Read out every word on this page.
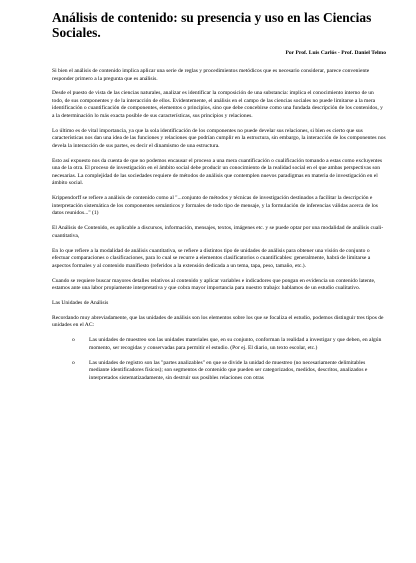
Análisis de contenido: su presencia y uso en las Ciencias Sociales.
Por Prof. Luis Carlós - Prof. Daniel Telmo

Si bien el análisis de contenido implica aplicar una serie de reglas y procedimientos metódicos que es necesario considerar, parece conveniente responder primero a la pregunta que es análisis.

Desde el puesto de vista de las ciencias naturales, analizar es identificar la composición de una substancia: implica el conocimiento interno de un todo, de sus componentes y de la interacción de ellos. Evidentemente, el análisis en el campo de las ciencias sociales no puede limitarse a la mera identificación o cuantificación de componentes, elementos o principios, sino que debe concebirse como una fundada descripción de los contenidos, y a la determinación lo más exacta posible de sus características, sus principios y relaciones.

Lo último es de vital importancia, ya que la sola identificación de los componentes no puede develar sus relaciones, si bien es cierto que sus características nos dan una idea de las funciones y relaciones que podrían cumplir en la estructura, sin embargo, la interacción de los componentes nos devela la interacción de sus partes, es decir el dinamismo de una estructura.

Esto así expuesto nos da cuenta de que no podemos encausar el proceso a una mera cuantificación o cualificación tomando a estas como excluyentes una de la otra. El proceso de investigación en el ámbito social debe producir un conocimiento de la realidad social en el que ambas perspectivas son necesarias. La complejidad de las sociedades requiere de métodos de análisis que contemplen nuevos paradigmas en materia de investigación en el ámbito social.

Krippendorff se refiere a análisis de contenido como al "...conjunto de métodos y técnicas de investigación destinados a facilitar la descripción e interpretación sistemática de los componentes semánticos y formales de todo tipo de mensaje, y la formulación de inferencias válidas acerca de los datos reunidos..." (1)

El Análisis de Contenido, es aplicable a discursos, información, mensajes, textos, imágenes etc. y se puede optar por una modalidad de análisis cuali-cuantitativa,

En lo que refiere a la modalidad de análisis cuantitativa, se refiere a distintos tipo de unidades de análisis para obtener una visión de conjunto o efectuar comparaciones o clasificaciones, para lo cual se recurre a elementos clasificatorios o cuantificables: generalmente, habrá de limitarse a aspectos formales y al contenido manifiesto (referidos a la extensión dedicada a un tema, tapa, peso, tamaño, etc.).

Cuando se requiere buscar mayores detalles relativos al contenido y aplicar variables e indicadores que pongan en evidencia un contenido latente, estamos ante una labor propiamente interpretativa y que cobra mayor importancia para nuestro trabajo: hablamos de un estudio cualitativo.

Las Unidades de Análisis

Recordando muy abreviadamente, que las unidades de análisis son los elementos sobre los que se focaliza el estudio, podemos distinguir tres tipos de unidades en el AC:

o	Las unidades de muestreo son las unidades materiales que, en su conjunto, conforman la realidad a investigar y que deben, en algún momento, ser recogidas y conservadas para permitir el estudio. (Por ej. El diario, un texto escolar, etc.)
o	Las unidades de registro son las "partes analizables" en que se divide la unidad de muestreo (no necesariamente delimitables mediante identificadores físicos); son segmentos de contenido que pueden ser categorizados, medidos, descritos, analizados e interpretados sistematizadamente, sin destruir sus posibles relaciones con otras
